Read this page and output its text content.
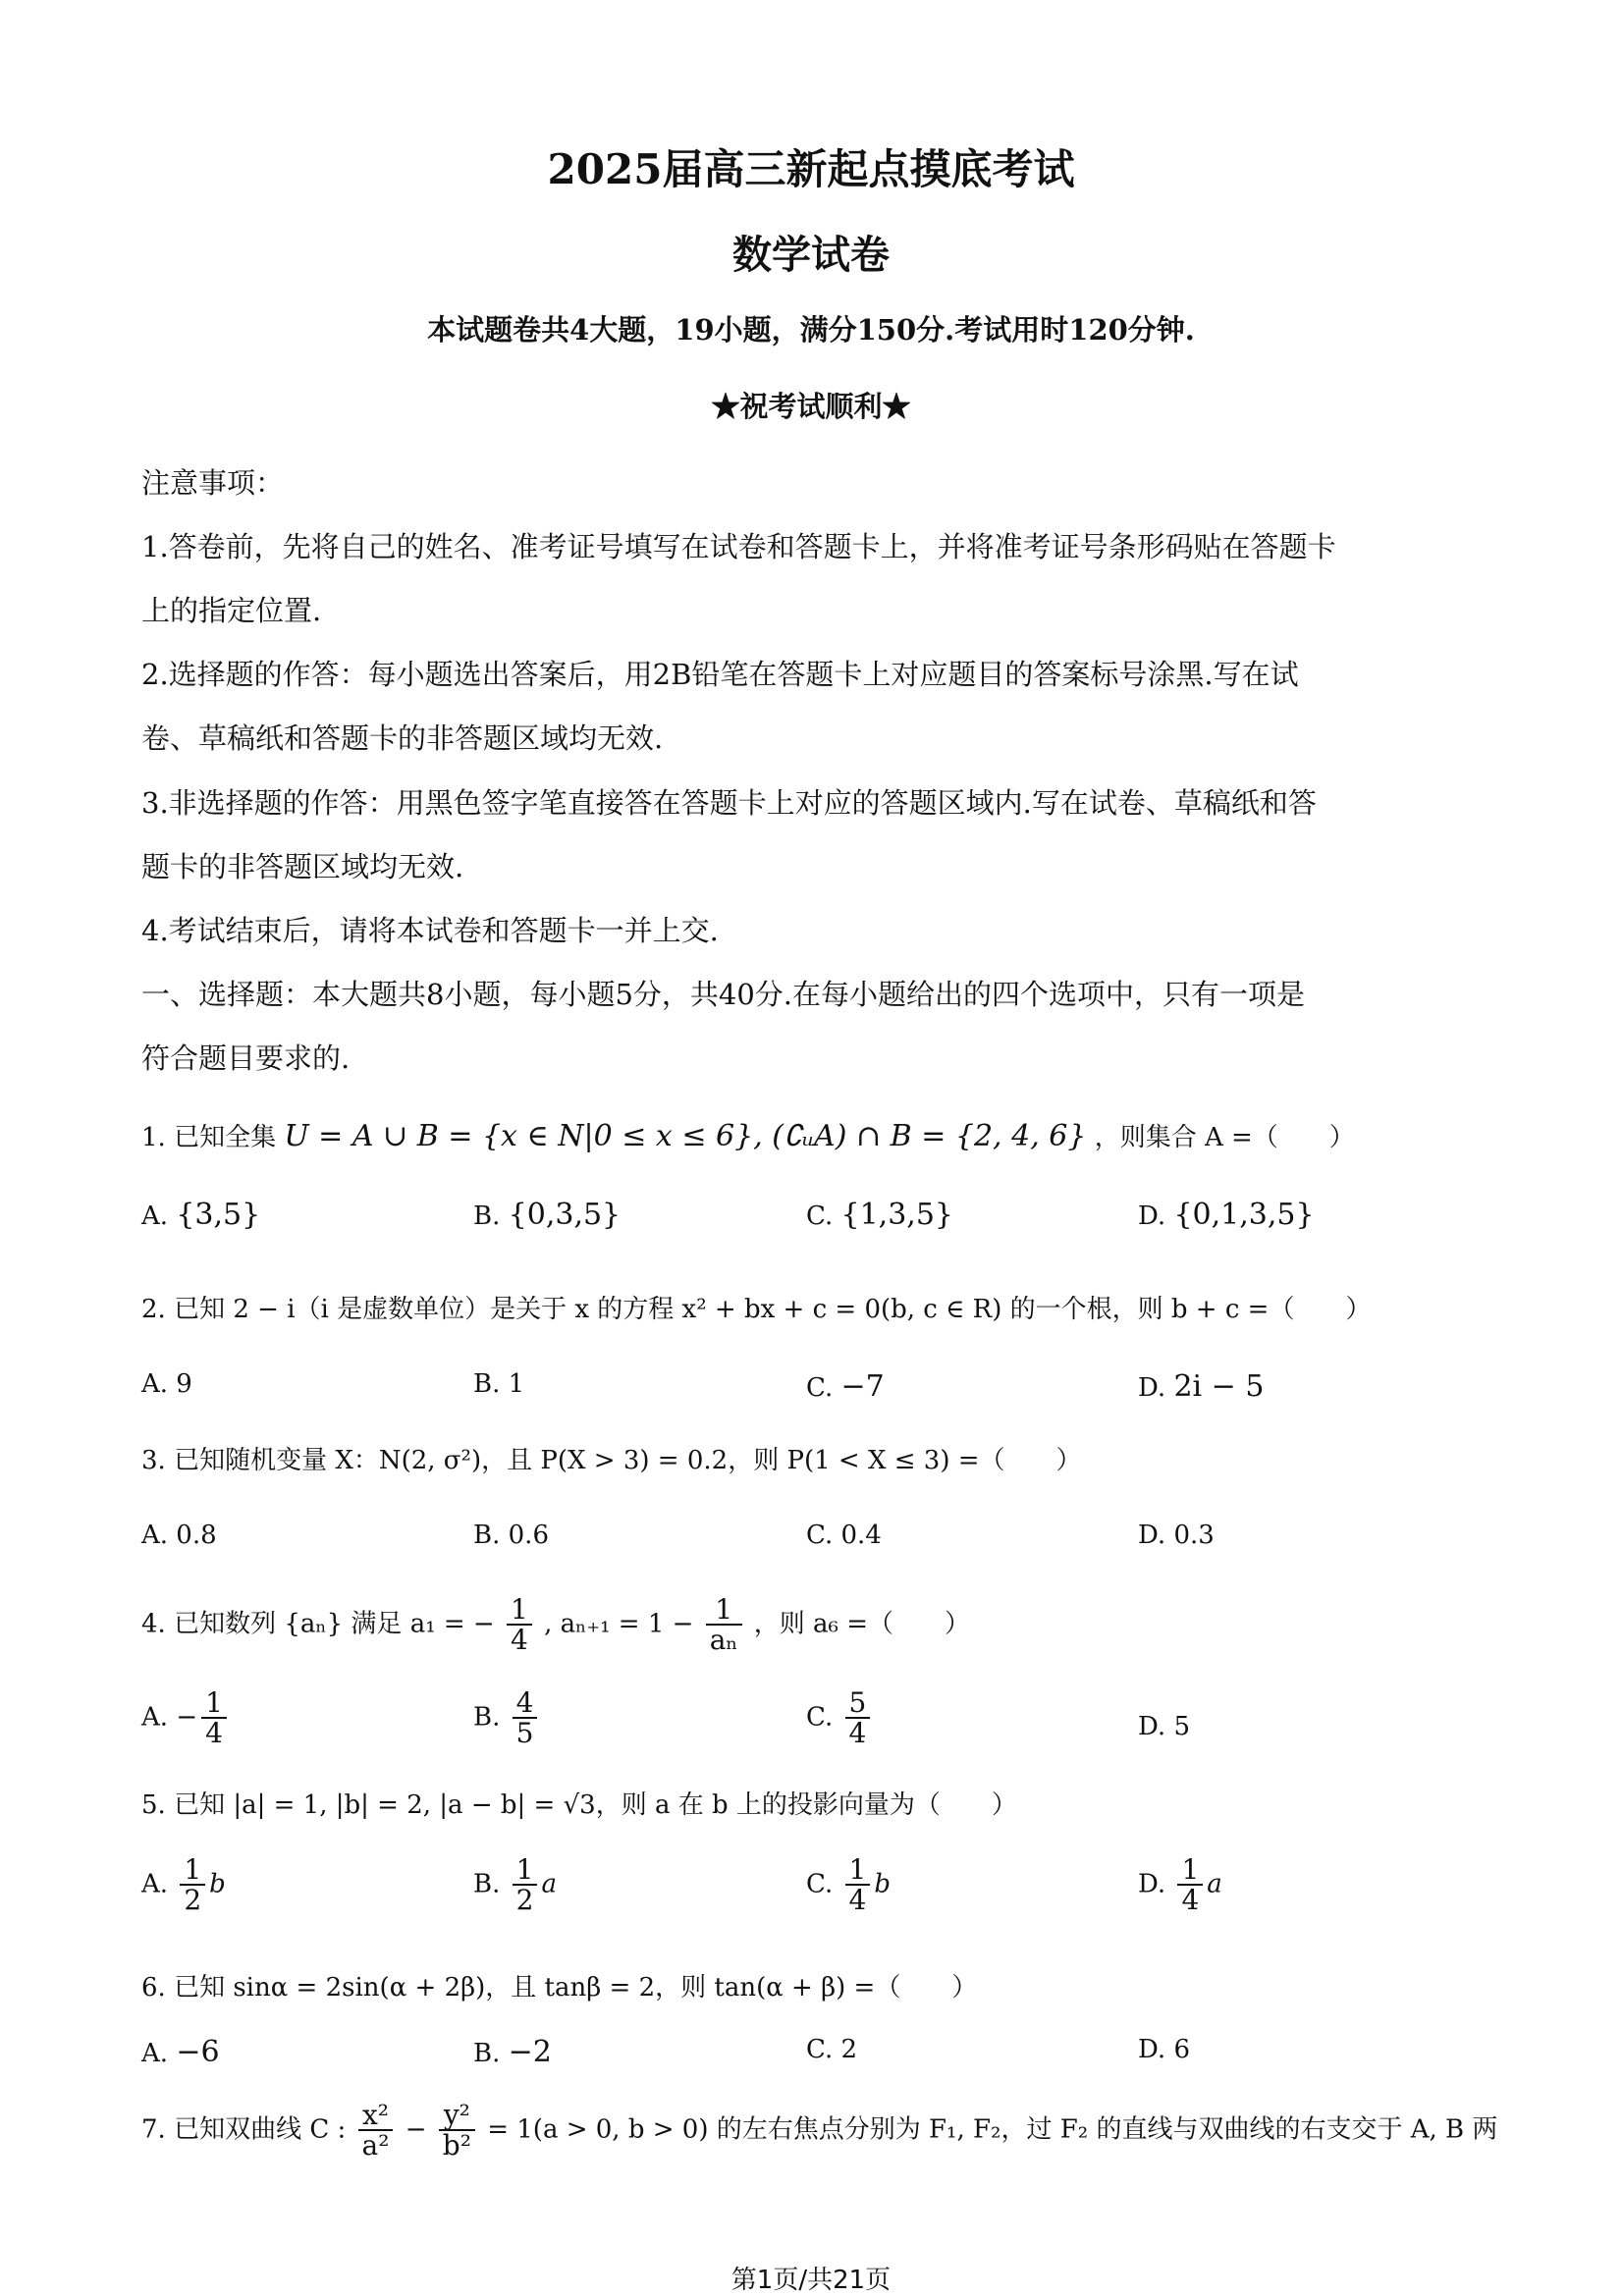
2025届高三新起点摸底考试
数学试卷
本试题卷共4大题，19小题，满分150分.考试用时120分钟.
★祝考试顺利★
注意事项：
1.答卷前，先将自己的姓名、准考证号填写在试卷和答题卡上，并将准考证号条形码贴在答题卡
上的指定位置.
2.选择题的作答：每小题选出答案后，用2B铅笔在答题卡上对应题目的答案标号涂黑.写在试
卷、草稿纸和答题卡的非答题区域均无效.
3.非选择题的作答：用黑色签字笔直接答在答题卡上对应的答题区域内.写在试卷、草稿纸和答
题卡的非答题区域均无效.
4.考试结束后，请将本试卷和答题卡一并上交.
一、选择题：本大题共8小题，每小题5分，共40分.在每小题给出的四个选项中，只有一项是
符合题目要求的.
1. 已知全集 U = A ∪ B = {x ∈ N|0 ≤ x ≤ 6}, (∁ᵤA) ∩ B = {2, 4, 6} ，则集合 A =（　　）
A. {3,5}	B. {0,3,5}	C. {1,3,5}	D. {0,1,3,5}
2. 已知 2 − i（i 是虚数单位）是关于 x 的方程 x² + bx + c = 0(b, c ∈ R) 的一个根，则 b + c =（　　）
A. 9	B. 1	C. −7	D. 2i − 5
3. 已知随机变量 X：N(2, σ²)，且 P(X > 3) = 0.2，则 P(1 < X ≤ 3) =（　　）
A. 0.8	B. 0.6	C. 0.4	D. 0.3
4. 已知数列 {aₙ} 满足 a₁ = − $\frac{1}{4}$ , $a_{n+1} = 1 - \frac{1}{\text{aₙ}}$ ，则 a₆ =（　　）
A. − $\frac{1}{4}$	B. $\frac{4}{5}$	C. $\frac{5}{4}$	D. 5
5. 已知 |a| = 1, |b| = 2, |a − b| = √3，则 a 在 b 上的投影向量为（　　）
A. $\frac{1}{2}$ b	B. $\frac{1}{2}$ a	C. $\frac{1}{4}$ b	D. $\frac{1}{4}$ a
6. 已知 sinα = 2sin(α + 2β)，且 tanβ = 2，则 tan(α + β) =（　　）
A. −6	B. −2	C. 2	D. 6
7. 已知双曲线 C : $\frac{\text{x²}}{\text{a²}} - \frac{\text{y²}}{\text{b²}} = 1(a > 0$, b > 0) 的左右焦点分别为 F₁, F₂，过 F₂ 的直线与双曲线的右支交于 A, B 两
第1页/共21页
